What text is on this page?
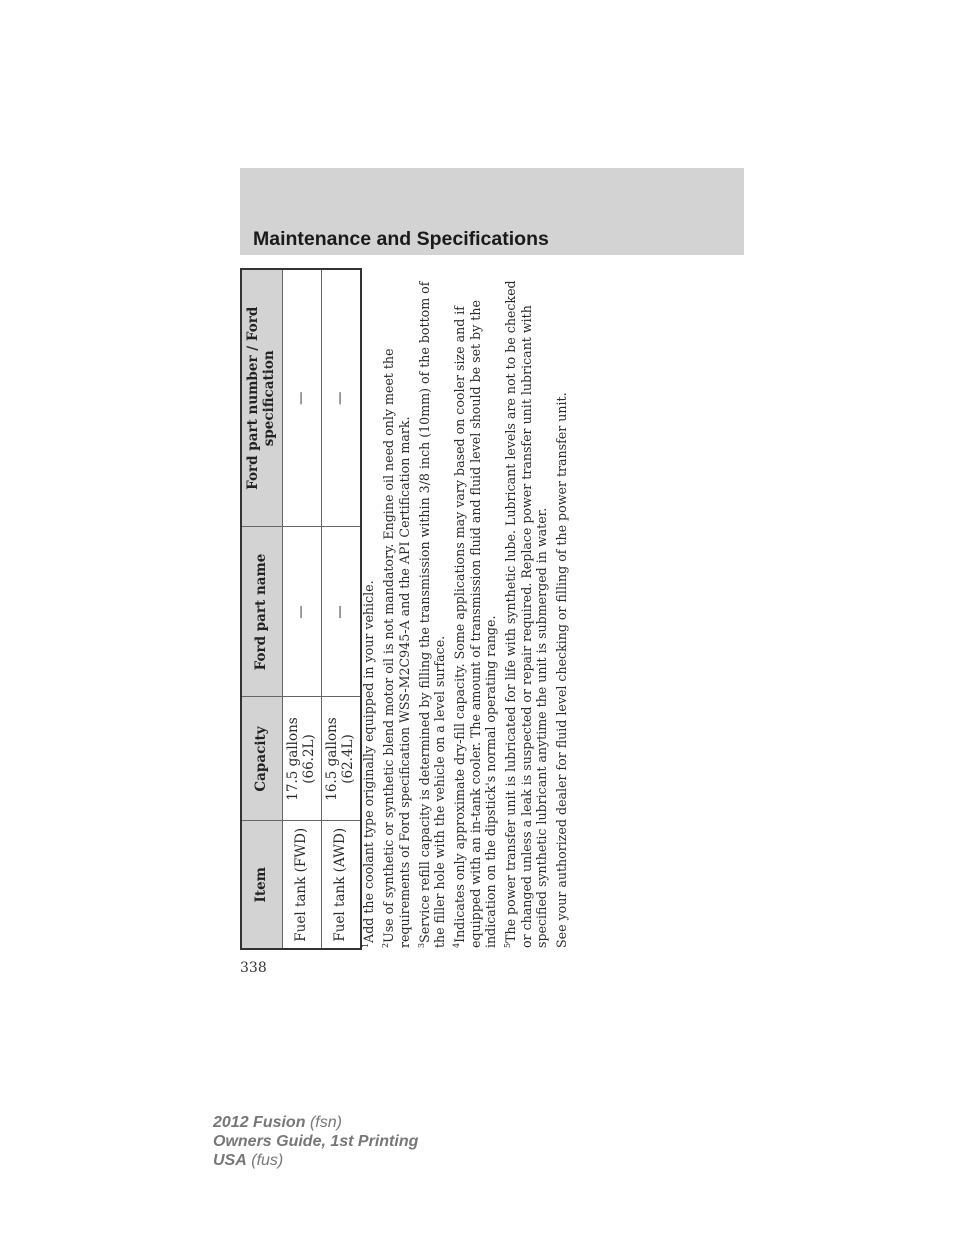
Maintenance and Specifications
Item	Capacity	Ford part name	Ford part number / Ford specification
Fuel tank (FWD)	17.5 gallons (66.2L)	—	—
Fuel tank (AWD)	16.5 gallons (62.4L)	—	—

$^1$Add the coolant type originally equipped in your vehicle.

$^2$Use of synthetic or synthetic blend motor oil is not mandatory. Engine oil need only meet the requirements of Ford specification WSS-M2C945-A and the API Certification mark. $^3$Service refill capacity is determined by filling the transmission within 3/8 inch (10mm) of the bottom of the filler hole with the vehicle on a level surface. $^4$Indicates only approximate dry-fill capacity. Some applications may vary based on cooler size and if equipped with an in-tank cooler. The amount of transmission fluid and fluid level should be set by the indication on the dipstick's normal operating range. $^5$The power transfer unit is lubricated for life with synthetic lube. Lubricant levels are not to be checked or changed unless a leak is suspected or repair required. Replace power transfer unit lubricant with specified synthetic lubricant anytime the unit is submerged in water. See your authorized dealer for fluid level checking or filling of the power transfer unit.

338
2012 Fusion (fsn)
Owners Guide, 1st Printing
USA (fus)
